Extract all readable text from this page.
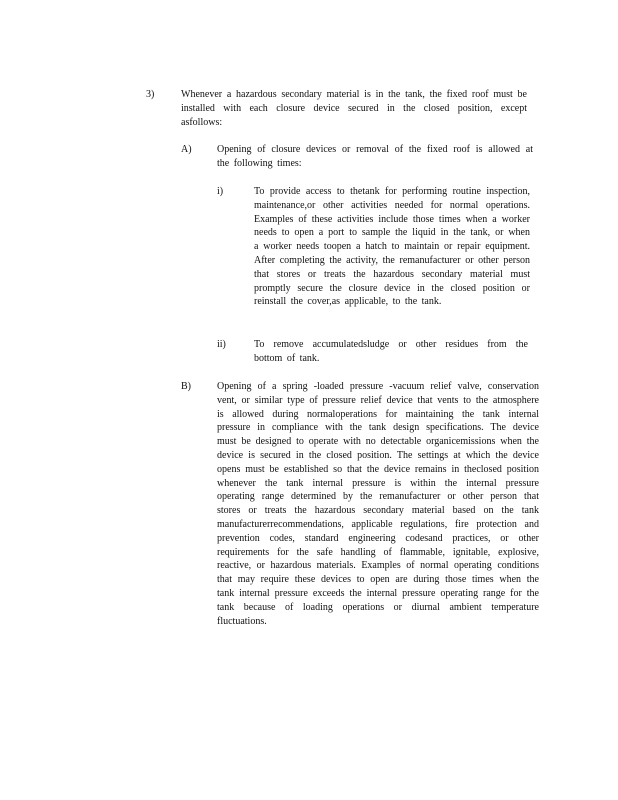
3)	Whenever a hazardous secondary material is in the tank, the fixed roof must be installed with each closure device secured in the closed position, except asfollows:

A)	Opening of closure devices or removal of the fixed roof is allowed at the following times:

i)	To provide access to thetank for performing routine inspection, maintenance,or other activities needed for normal operations. Examples of these activities include those times when a worker needs to open a port to sample the liquid in the tank, or when a worker needs toopen a hatch to maintain or repair equipment. After completing the activity, the remanufacturer or other person that stores or treats the hazardous secondary material must promptly secure the closure device in the closed position or reinstall the cover,as applicable, to the tank.

ii)	To remove accumulatedsludge or other residues from the bottom of tank.

B)	Opening of a spring -loaded pressure -vacuum relief valve, conservation vent, or similar type of pressure relief device that vents to the atmosphere is allowed during normaloperations for maintaining the tank internal pressure in compliance with the tank design specifications. The device must be designed to operate with no detectable organicemissions when the device is secured in the closed position. The settings at which the device opens must be established so that the device remains in theclosed position whenever the tank internal pressure is within the internal pressure operating range determined by the remanufacturer or other person that stores or treats the hazardous secondary material based on the tank manufacturerrecommendations, applicable regulations, fire protection and prevention codes, standard engineering codesand practices, or other requirements for the safe handling of flammable, ignitable, explosive, reactive, or hazardous materials. Examples of normal operating conditions that may require these devices to open are during those times when the tank internal pressure exceeds the internal pressure operating range for the tank because of loading operations or diurnal ambient temperature fluctuations.
